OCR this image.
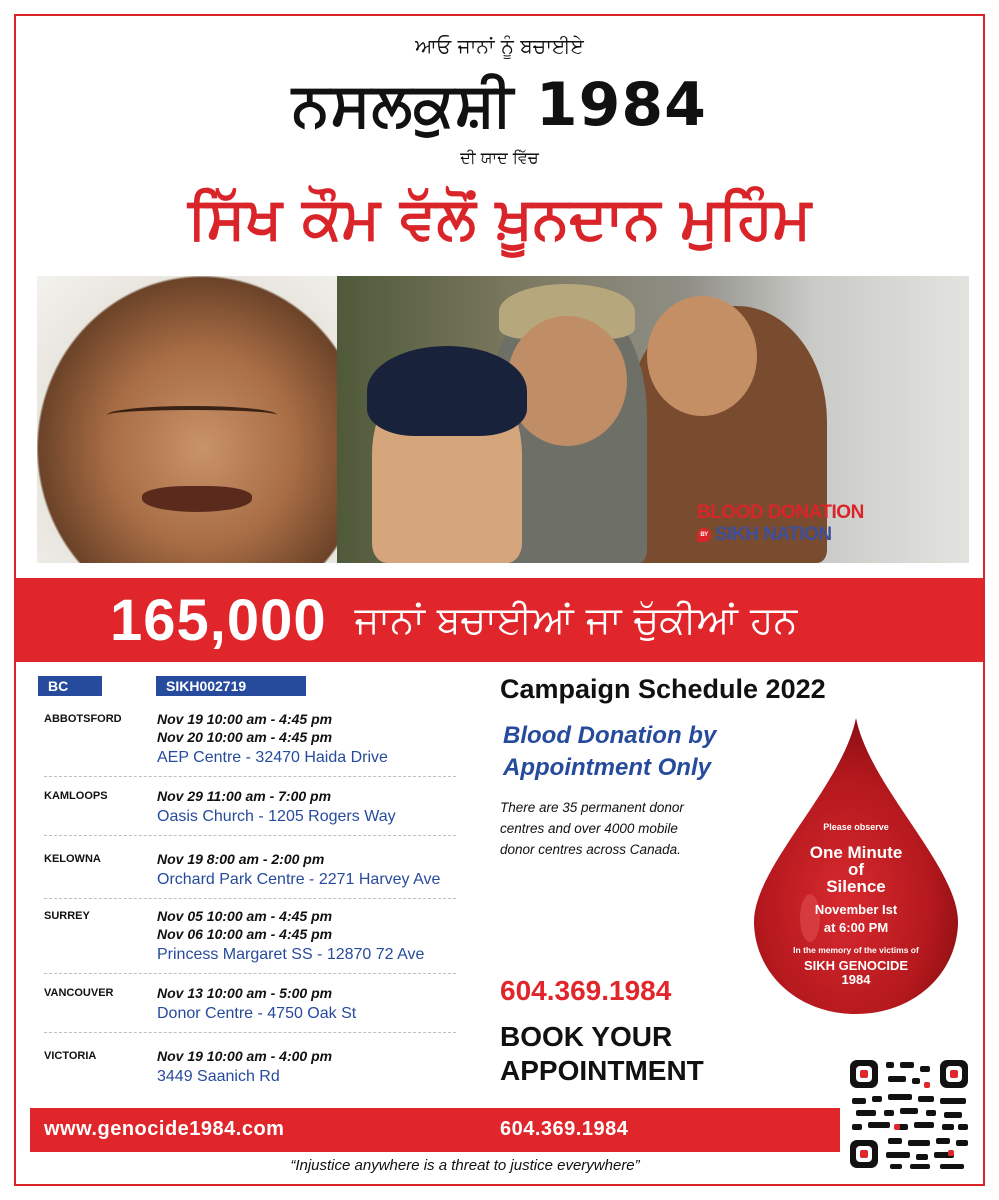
ਆਓ ਜਾਨਾਂ ਨੂੰ ਬਚਾਈਏ
ਨਸਲਕੁਸ਼ੀ 1984
ਦੀ ਯਾਦ ਵਿੱਚ
ਸਿੱਖ ਕੌਮ ਵੱਲੋਂ ਖ਼ੂਨਦਾਨ ਮੁਹਿੰਮ
BLOOD DONATION
BY SIKH NATION
165,000 ਜਾਨਾਂ ਬਚਾਈਆਂ ਜਾ ਚੁੱਕੀਆਂ ਹਨ
BC	SIKH002719
ABBOTSFORD	Nov 19 10:00 am - 4:45 pm
Nov 20 10:00 am - 4:45 pm
AEP Centre - 32470 Haida Drive
KAMLOOPS	Nov 29 11:00 am - 7:00 pm
Oasis Church - 1205 Rogers Way
KELOWNA	Nov 19 8:00 am - 2:00 pm
Orchard Park Centre - 2271 Harvey Ave
SURREY	Nov 05 10:00 am - 4:45 pm
Nov 06 10:00 am - 4:45 pm
Princess Margaret SS - 12870 72 Ave
VANCOUVER	Nov 13 10:00 am - 5:00 pm
Donor Centre - 4750 Oak St
VICTORIA	Nov 19 10:00 am - 4:00 pm
3449 Saanich Rd
Campaign Schedule 2022
Blood Donation by Appointment Only
There are 35 permanent donor centres and over 4000 mobile donor centres across Canada.
604.369.1984
BOOK YOUR
APPOINTMENT
Please observe
One Minute
of
Silence
November Ist
at 6:00 PM
In the memory of the victims of
SIKH GENOCIDE
1984
www.genocide1984.com	604.369.1984
“Injustice anywhere is a threat to justice everywhere”
